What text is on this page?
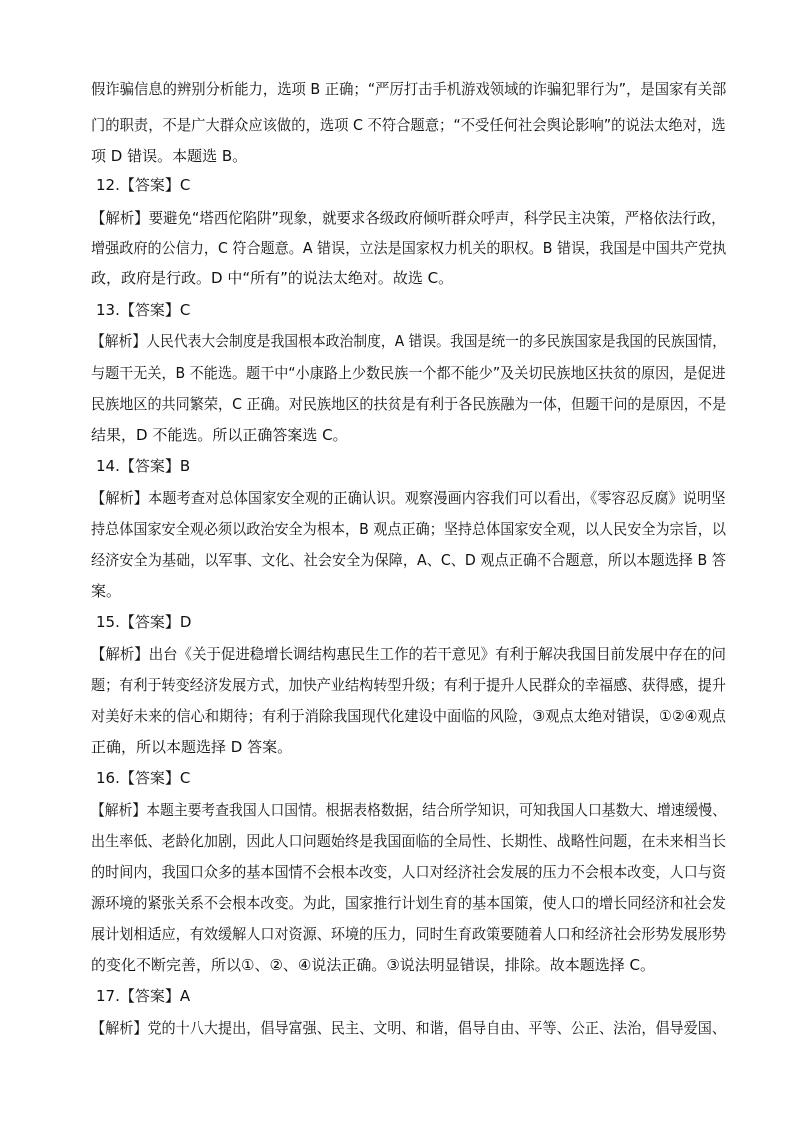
假诈骗信息的辨别分析能力，选项 B 正确；“严厉打击手机游戏领域的诈骗犯罪行为”，是国家有关部
门的职责，不是广大群众应该做的，选项 C 不符合题意；“不受任何社会舆论影响”的说法太绝对，选
项 D 错误。本题选 B。
12.【答案】C
【解析】要避免“塔西佗陷阱”现象，就要求各级政府倾听群众呼声，科学民主决策，严格依法行政，
增强政府的公信力，C 符合题意。A 错误，立法是国家权力机关的职权。B 错误，我国是中国共产党执
政，政府是行政。D 中“所有”的说法太绝对。故选 C。
13.【答案】C
【解析】人民代表大会制度是我国根本政治制度，A 错误。我国是统一的多民族国家是我国的民族国情，
与题干无关，B 不能选。题干中“小康路上少数民族一个都不能少”及关切民族地区扶贫的原因，是促进
民族地区的共同繁荣，C 正确。对民族地区的扶贫是有利于各民族融为一体，但题干问的是原因，不是
结果，D 不能选。所以正确答案选 C。
14.【答案】B
【解析】本题考查对总体国家安全观的正确认识。观察漫画内容我们可以看出，《零容忍反腐》说明坚
持总体国家安全观必须以政治安全为根本，B 观点正确；坚持总体国家安全观，以人民安全为宗旨，以
经济安全为基础，以军事、文化、社会安全为保障，A、C、D 观点正确不合题意，所以本题选择 B 答
案。
15.【答案】D
【解析】出台《关于促进稳增长调结构惠民生工作的若干意见》有利于解决我国目前发展中存在的问
题；有利于转变经济发展方式，加快产业结构转型升级；有利于提升人民群众的幸福感、获得感，提升
对美好未来的信心和期待；有利于消除我国现代化建设中面临的风险，③观点太绝对错误，①②④观点
正确，所以本题选择 D 答案。
16.【答案】C
【解析】本题主要考查我国人口国情。根据表格数据，结合所学知识，可知我国人口基数大、增速缓慢、
出生率低、老龄化加剧，因此人口问题始终是我国面临的全局性、长期性、战略性问题，在未来相当长
的时间内，我国口众多的基本国情不会根本改变，人口对经济社会发展的压力不会根本改变，人口与资
源环境的紧张关系不会根本改变。为此，国家推行计划生育的基本国策，使人口的增长同经济和社会发
展计划相适应，有效缓解人口对资源、环境的压力，同时生育政策要随着人口和经济社会形势发展形势
的变化不断完善，所以①、②、④说法正确。③说法明显错误，排除。故本题选择 C。
17.【答案】A
【解析】党的十八大提出，倡导富强、民主、文明、和谐，倡导自由、平等、公正、法治，倡导爱国、
